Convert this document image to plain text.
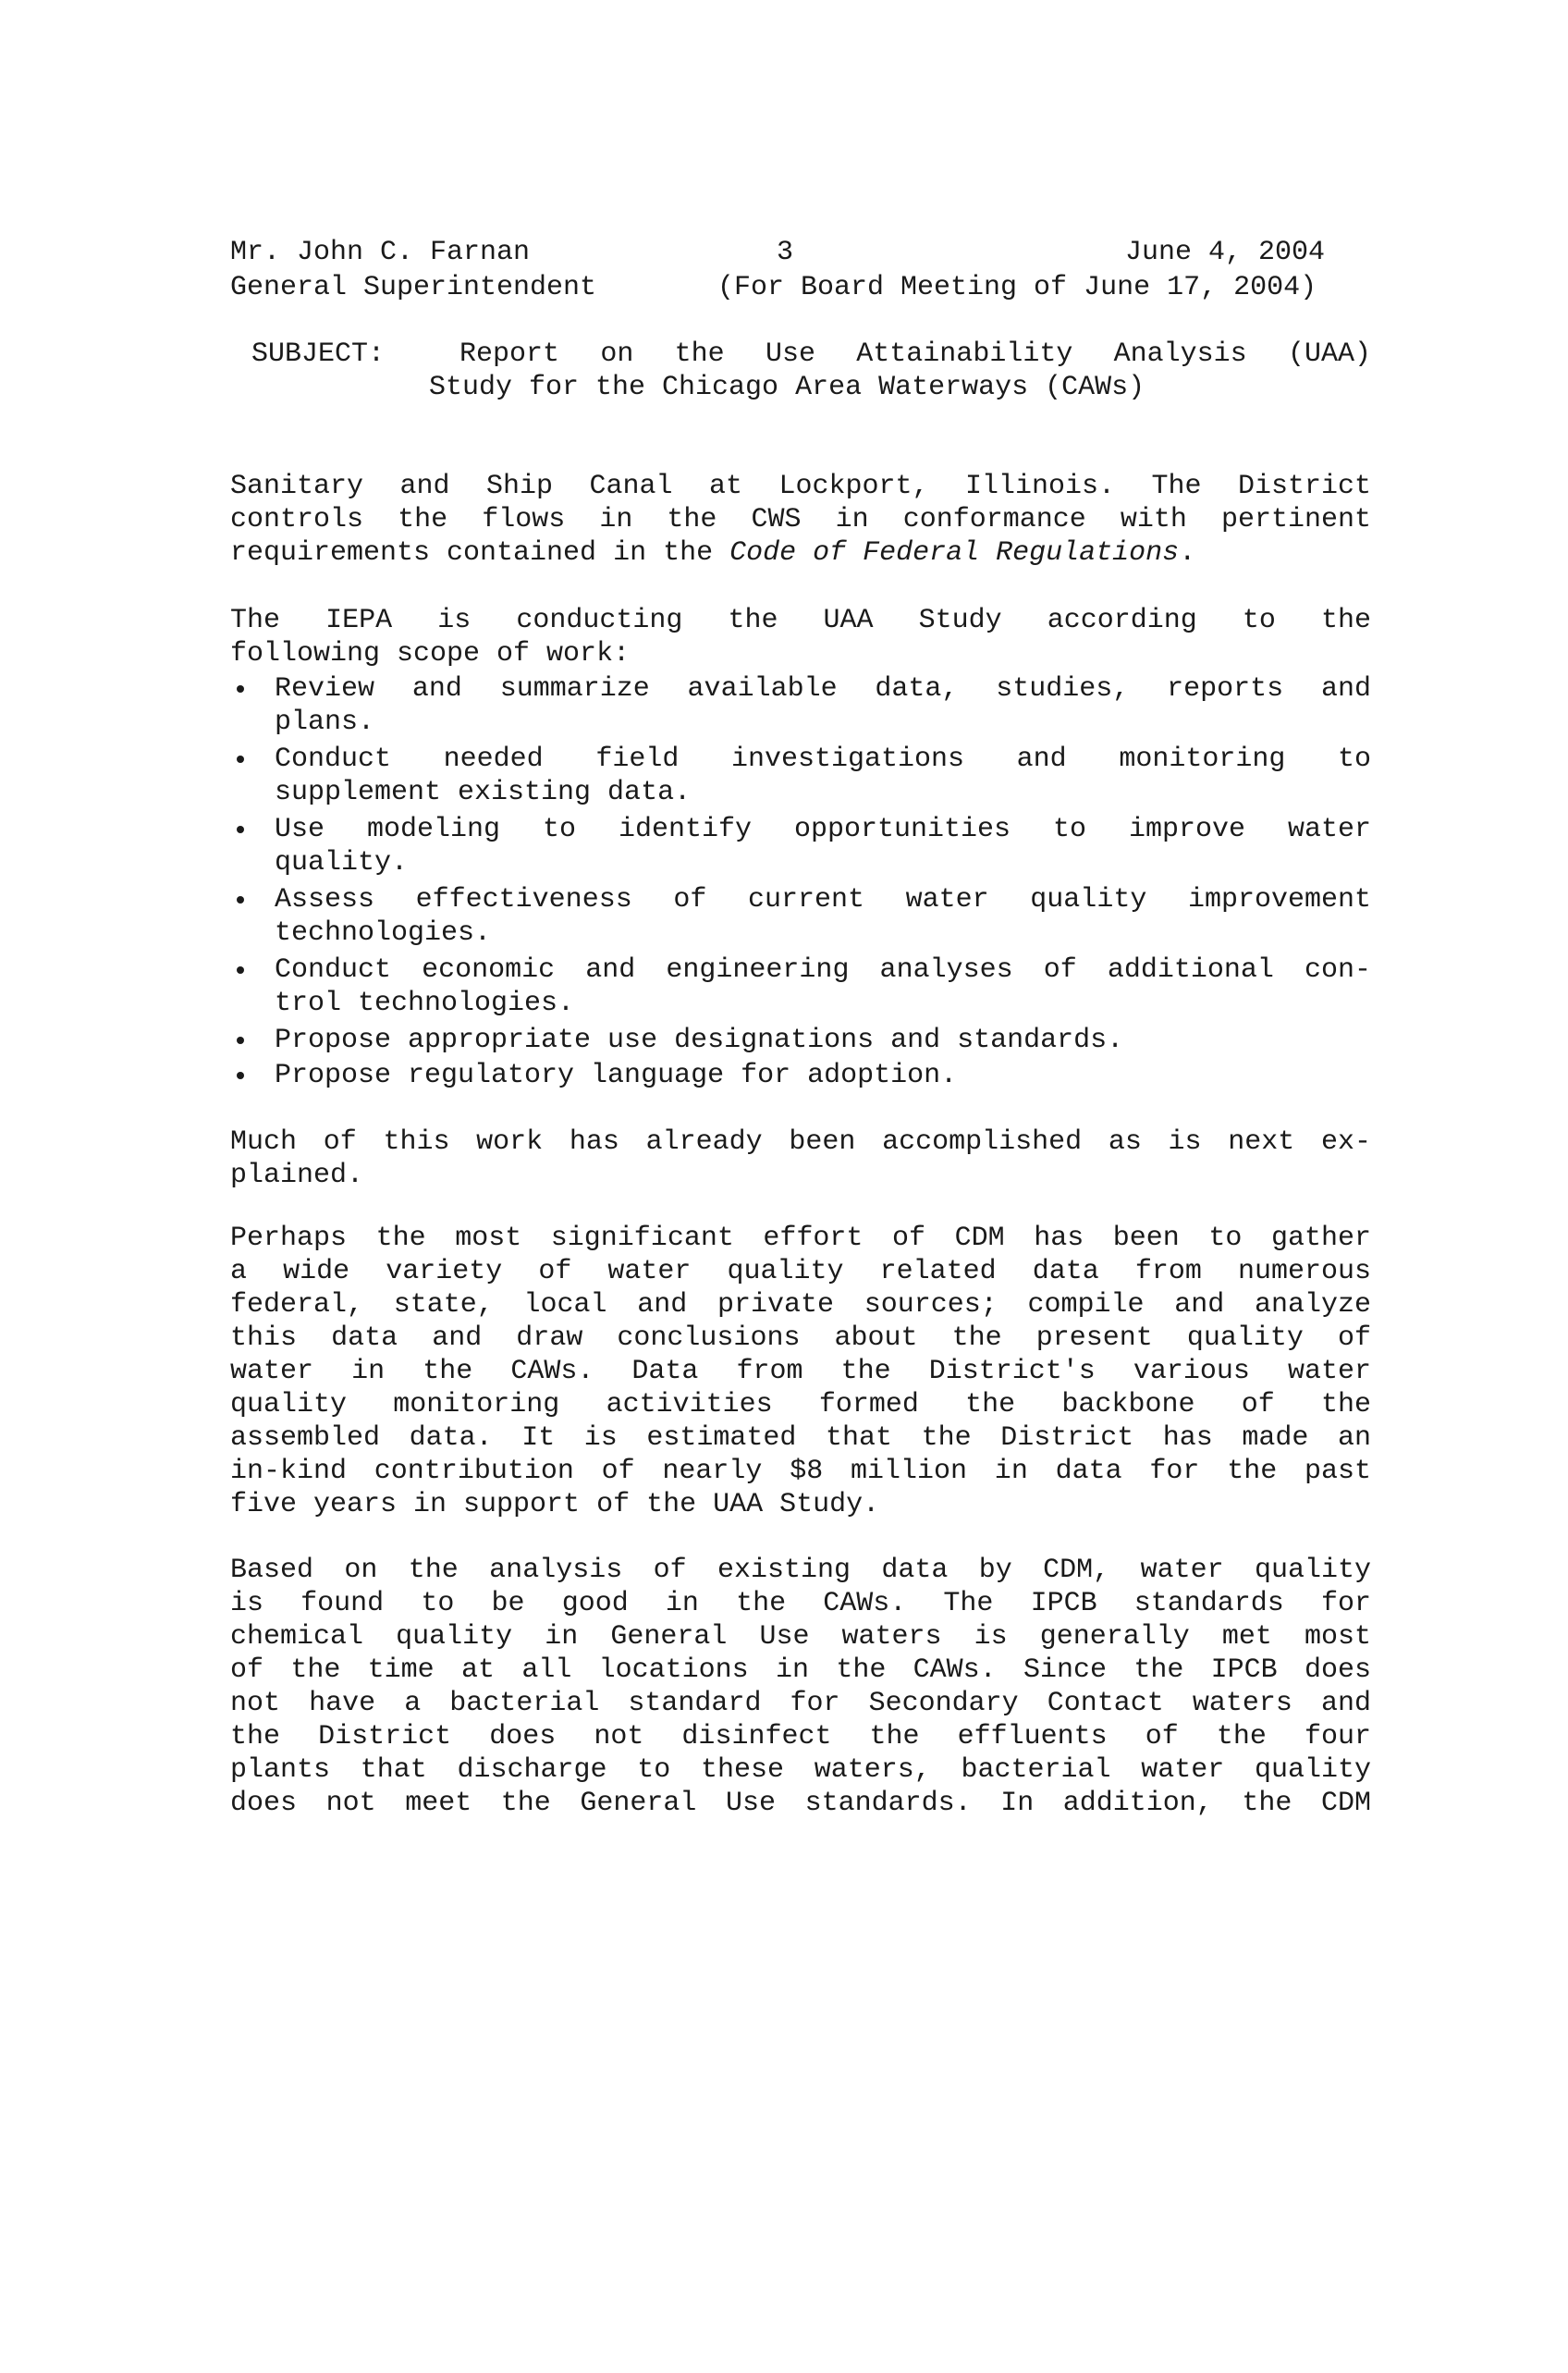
Mr. John C. Farnan	3	June 4, 2004
General Superintendent	(For Board Meeting of June 17, 2004)
SUBJECT:	Report on the Use Attainability Analysis (UAA)
Study for the Chicago Area Waterways (CAWs)
Sanitary and Ship Canal at Lockport, Illinois. The District
controls the flows in the CWS in conformance with pertinent
requirements contained in the Code of Federal Regulations.
The IEPA is conducting the UAA Study according to the
following scope of work:
Review and summarize available data, studies, reports and
plans.
Conduct needed field investigations and monitoring to
supplement existing data.
Use modeling to identify opportunities to improve water
quality.
Assess effectiveness of current water quality improvement
technologies.
Conduct economic and engineering analyses of additional con-
trol technologies.
Propose appropriate use designations and standards.
Propose regulatory language for adoption.
Much of this work has already been accomplished as is next ex-
plained.
Perhaps the most significant effort of CDM has been to gather
a wide variety of water quality related data from numerous
federal, state, local and private sources; compile and analyze
this data and draw conclusions about the present quality of
water in the CAWs. Data from the District's various water
quality monitoring activities formed the backbone of the
assembled data. It is estimated that the District has made an
in-kind contribution of nearly $8 million in data for the past
five years in support of the UAA Study.
Based on the analysis of existing data by CDM, water quality
is found to be good in the CAWs. The IPCB standards for
chemical quality in General Use waters is generally met most
of the time at all locations in the CAWs. Since the IPCB does
not have a bacterial standard for Secondary Contact waters and
the District does not disinfect the effluents of the four
plants that discharge to these waters, bacterial water quality
does not meet the General Use standards. In addition, the CDM
